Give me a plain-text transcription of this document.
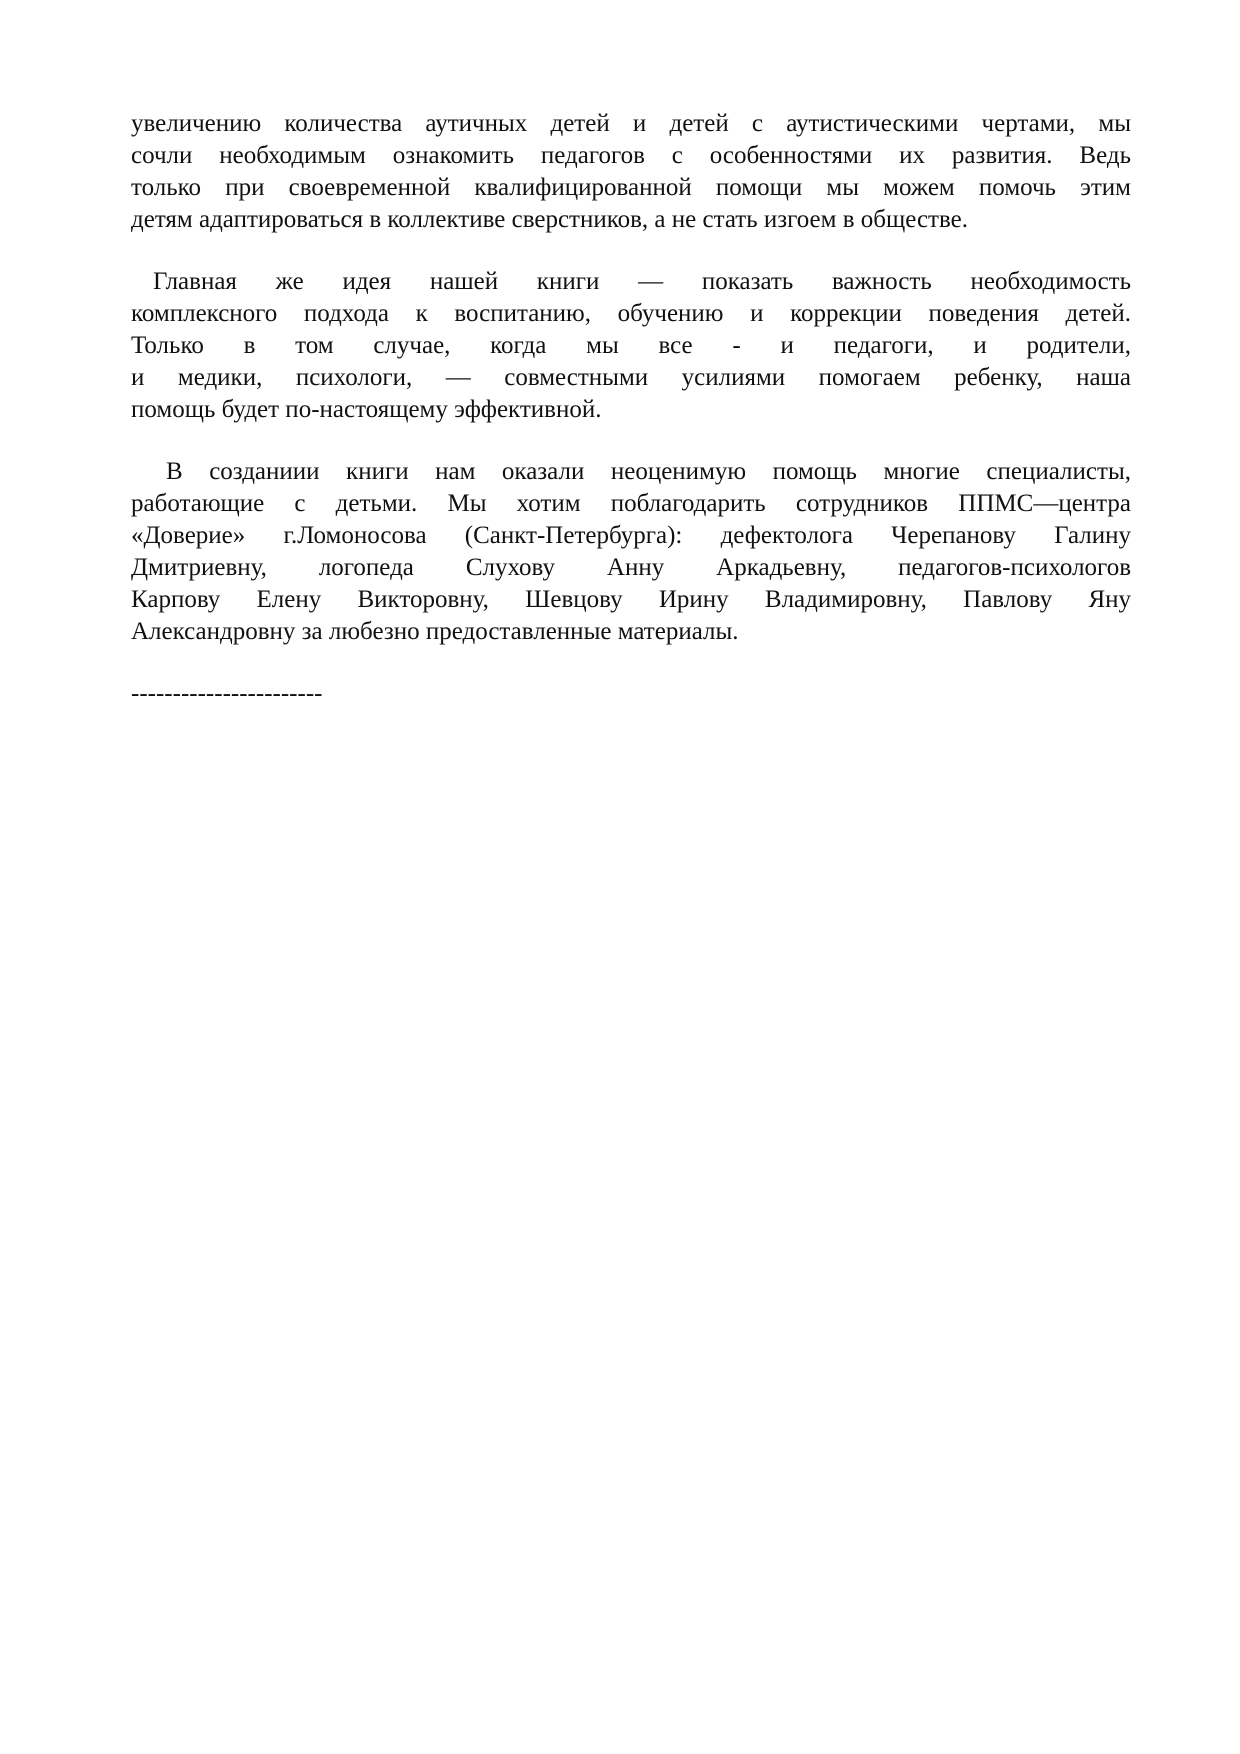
увеличению количества аутичных детей и детей с аутистическими чертами, мы
сочли необходимым ознакомить педагогов с особенностями их развития. Ведь
только при своевременной квалифицированной помощи мы можем помочь этим
детям адаптироваться в коллективе сверстников, а не стать изгоем в обществе.
Главная же идея нашей книги — показать важность необходимость
комплексного подхода к воспитанию, обучению и коррекции поведения детей.
Только в том случае, когда мы все - и педагоги, и родители,
и медики, психологи, — совместными усилиями помогаем ребенку, наша
помощь будет по-настоящему эффективной.
В созданиии книги нам оказали неоценимую помощь многие специалисты,
работающие с детьми. Мы хотим поблагодарить сотрудников ППМС—центра
«Доверие» г.Ломоносова (Санкт-Петербурга): дефектолога Черепанову Галину
Дмитриевну, логопеда Слухову Анну Аркадьевну, педагогов-психологов
Карпову Елену Викторовну, Шевцову Ирину Владимировну, Павлову Яну
Александровну за любезно предоставленные материалы.
-----------------------
